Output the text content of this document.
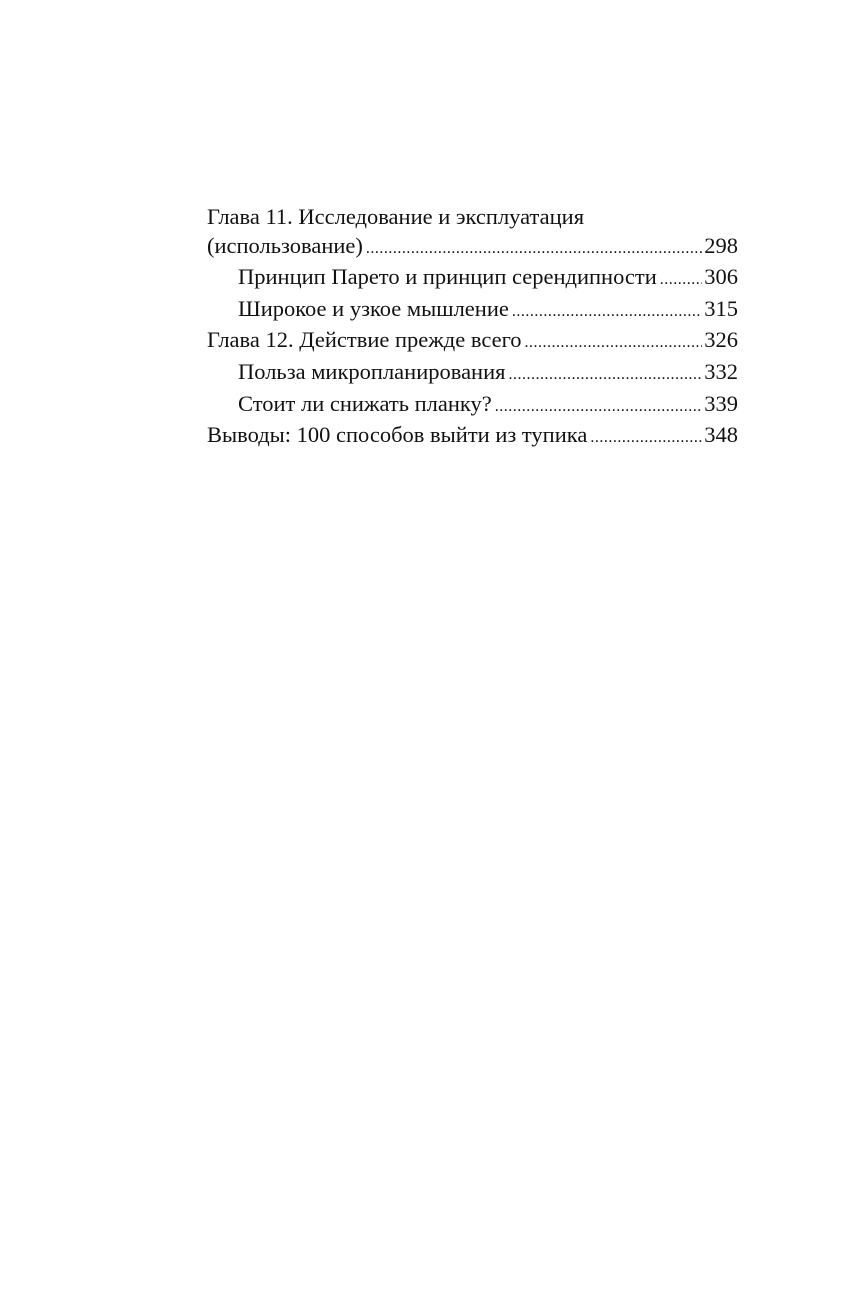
Глава 11. Исследование и эксплуатация
(использование) .....	298
Принцип Парето и принцип серендипности ..... 306
Широкое и узкое мышление .....	315
Глава 12. Действие прежде всего .....	326
Польза микропланирования .....	332
Стоит ли снижать планку? .....	339
Выводы: 100 способов выйти из тупика .....	348
